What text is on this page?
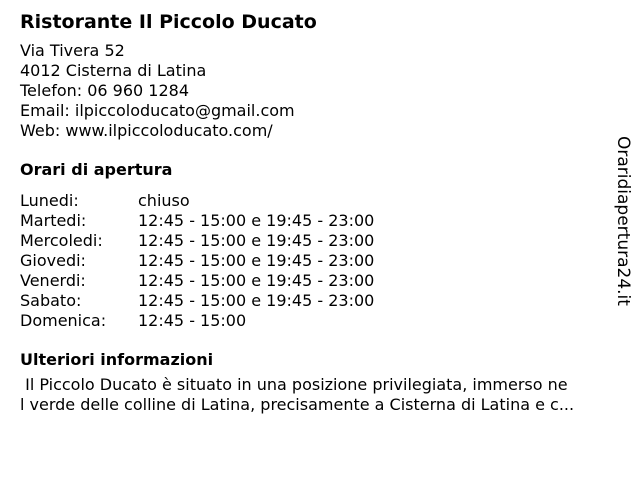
Ristorante Il Piccolo Ducato
Via Tivera 52
4012 Cisterna di Latina
Telefon: 06 960 1284
Email: ilpiccoloducato@gmail.com
Web: www.ilpiccoloducato.com/
Orari di apertura
Lunedi:	chiuso
Martedi:	12:45 - 15:00 e 19:45 - 23:00
Mercoledi:	12:45 - 15:00 e 19:45 - 23:00
Giovedi:	12:45 - 15:00 e 19:45 - 23:00
Venerdi:	12:45 - 15:00 e 19:45 - 23:00
Sabato:	12:45 - 15:00 e 19:45 - 23:00
Domenica:	12:45 - 15:00
Ulteriori informazioni
Il Piccolo Ducato è situato in una posizione privilegiata, immerso ne
l verde delle colline di Latina, precisamente a Cisterna di Latina e c...
Oraridiapertura24.it
